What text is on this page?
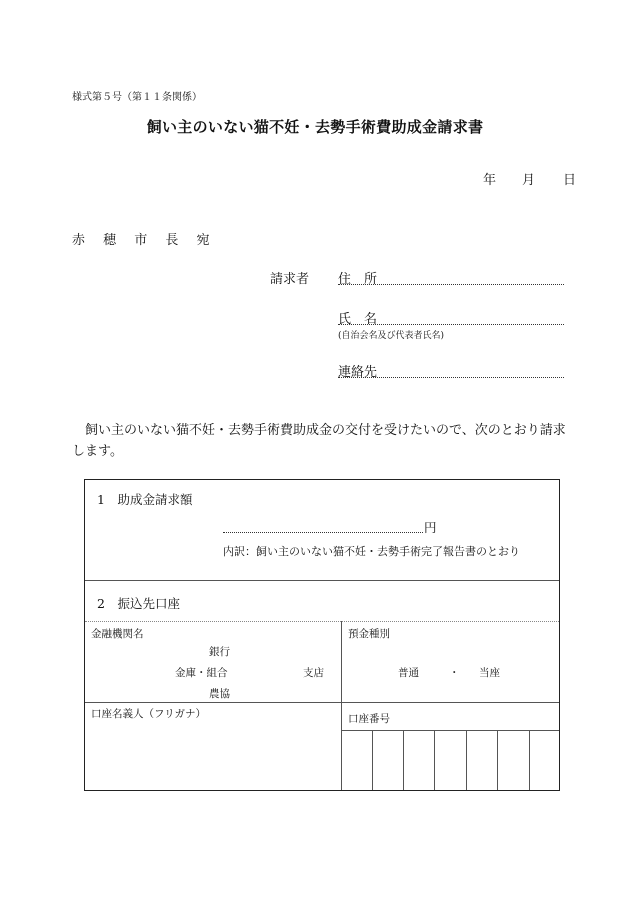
様式第５号（第１１条関係）
飼い主のいない猫不妊・去勢手術費助成金請求書
年 月 日
赤 穂 市 長 宛
請求者 住　所
氏　名
(自治会名及び代表者氏名)
連絡先
飼い主のいない猫不妊・去勢手術費助成金の交付を受けたいので、次のとおり請求します。
1　助成金請求額
円
内訳：飼い主のいない猫不妊・去勢手術完了報告書のとおり
2　振込先口座
金融機関名
銀行
金庫・組合	支店
農協
預金種別
普通	・ 当座
口座名義人（フリガナ）	口座番号
